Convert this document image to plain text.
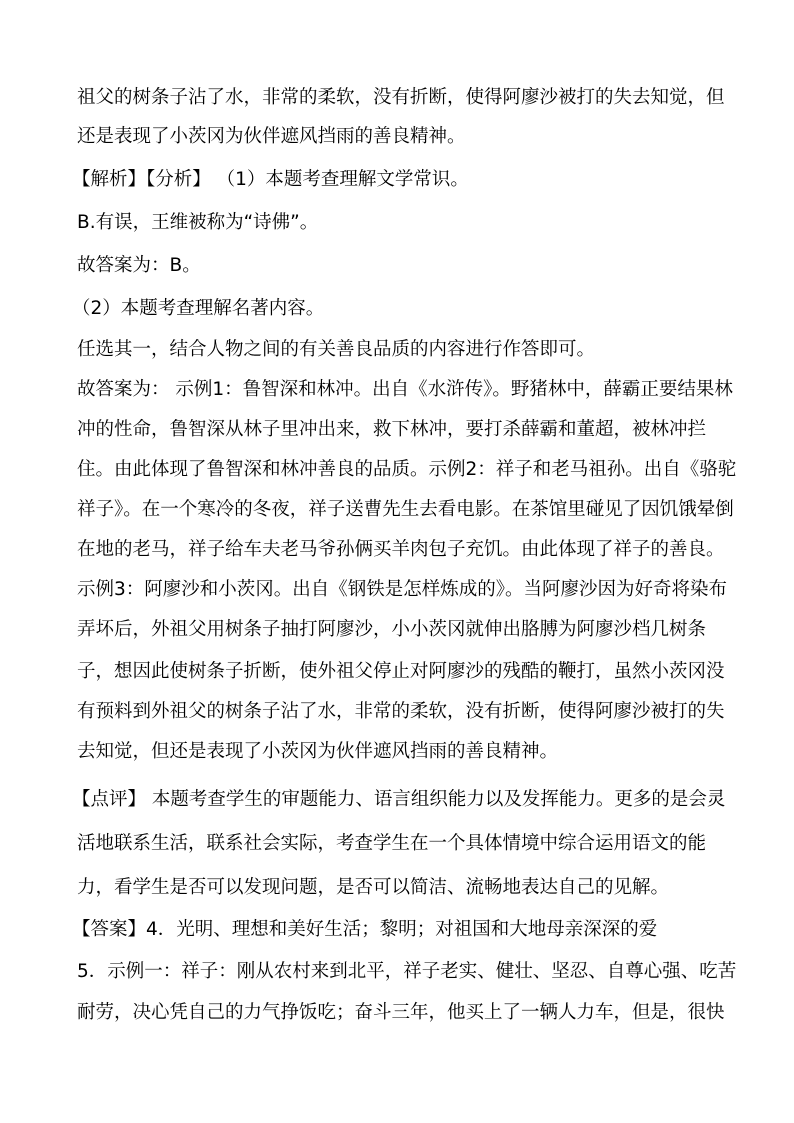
祖父的树条子沾了水，非常的柔软，没有折断，使得阿廖沙被打的失去知觉，但
还是表现了小茨冈为伙伴遮风挡雨的善良精神。
【解析】【分析】 （1）本题考查理解文学常识。
B.有误，王维被称为“诗佛”。
故答案为：B。
（2）本题考查理解名著内容。
任选其一，结合人物之间的有关善良品质的内容进行作答即可。
故答案为： 示例1：鲁智深和林冲。出自《水浒传》。野猪林中，薛霸正要结果林
冲的性命，鲁智深从林子里冲出来，救下林冲，要打杀薛霸和董超，被林冲拦
住。由此体现了鲁智深和林冲善良的品质。示例2：祥子和老马祖孙。出自《骆驼
祥子》。在一个寒冷的冬夜，祥子送曹先生去看电影。在茶馆里碰见了因饥饿晕倒
在地的老马，祥子给车夫老马爷孙俩买羊肉包子充饥。由此体现了祥子的善良。
示例3：阿廖沙和小茨冈。出自《钢铁是怎样炼成的》。当阿廖沙因为好奇将染布
弄坏后，外祖父用树条子抽打阿廖沙，小小茨冈就伸出胳膊为阿廖沙档几树条
子，想因此使树条子折断，使外祖父停止对阿廖沙的残酷的鞭打，虽然小茨冈没
有预料到外祖父的树条子沾了水，非常的柔软，没有折断，使得阿廖沙被打的失
去知觉，但还是表现了小茨冈为伙伴遮风挡雨的善良精神。
【点评】 本题考查学生的审题能力、语言组织能力以及发挥能力。更多的是会灵
活地联系生活，联系社会实际，考查学生在一个具体情境中综合运用语文的能
力，看学生是否可以发现问题，是否可以简洁、流畅地表达自己的见解。
【答案】4．光明、理想和美好生活；黎明；对祖国和大地母亲深深的爱
5．示例一：祥子：刚从农村来到北平，祥子老实、健壮、坚忍、自尊心强、吃苦
耐劳，决心凭自己的力气挣饭吃；奋斗三年，他买上了一辆人力车，但是，很快
